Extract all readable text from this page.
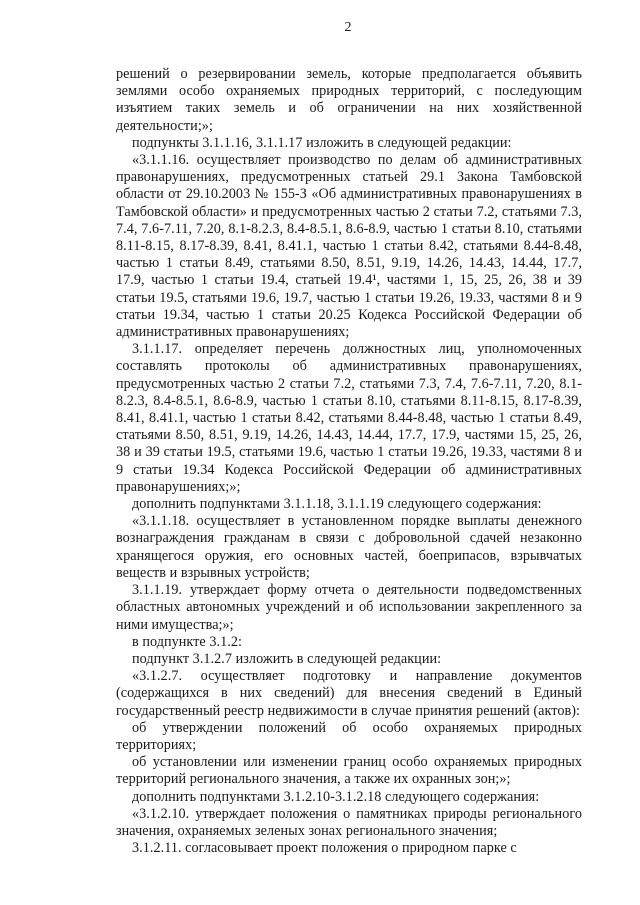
2

решений о резервировании земель, которые предполагается объявить землями особо охраняемых природных территорий, с последующим изъятием таких земель и об ограничении на них хозяйственной деятельности;»;

подпункты 3.1.1.16, 3.1.1.17 изложить в следующей редакции:

«3.1.1.16. осуществляет производство по делам об административных правонарушениях, предусмотренных статьей 29.1 Закона Тамбовской области от 29.10.2003 № 155-З «Об административных правонарушениях в Тамбовской области» и предусмотренных частью 2 статьи 7.2, статьями 7.3, 7.4, 7.6-7.11, 7.20, 8.1-8.2.3, 8.4-8.5.1, 8.6-8.9, частью 1 статьи 8.10, статьями 8.11-8.15, 8.17-8.39, 8.41, 8.41.1, частью 1 статьи 8.42, статьями 8.44-8.48, частью 1 статьи 8.49, статьями 8.50, 8.51, 9.19, 14.26, 14.43, 14.44, 17.7, 17.9, частью 1 статьи 19.4, статьей 19.4¹, частями 1, 15, 25, 26, 38 и 39 статьи 19.5, статьями 19.6, 19.7, частью 1 статьи 19.26, 19.33, частями 8 и 9 статьи 19.34, частью 1 статьи 20.25 Кодекса Российской Федерации об административных правонарушениях;

3.1.1.17. определяет перечень должностных лиц, уполномоченных составлять протоколы об административных правонарушениях, предусмотренных частью 2 статьи 7.2, статьями 7.3, 7.4, 7.6-7.11, 7.20, 8.1-8.2.3, 8.4-8.5.1, 8.6-8.9, частью 1 статьи 8.10, статьями 8.11-8.15, 8.17-8.39, 8.41, 8.41.1, частью 1 статьи 8.42, статьями 8.44-8.48, частью 1 статьи 8.49, статьями 8.50, 8.51, 9.19, 14.26, 14.43, 14.44, 17.7, 17.9, частями 15, 25, 26, 38 и 39 статьи 19.5, статьями 19.6, частью 1 статьи 19.26, 19.33, частями 8 и 9 статьи 19.34 Кодекса Российской Федерации об административных правонарушениях;»;

дополнить подпунктами 3.1.1.18, 3.1.1.19 следующего содержания:

«3.1.1.18. осуществляет в установленном порядке выплаты денежного вознаграждения гражданам в связи с добровольной сдачей незаконно хранящегося оружия, его основных частей, боеприпасов, взрывчатых веществ и взрывных устройств;

3.1.1.19. утверждает форму отчета о деятельности подведомственных областных автономных учреждений и об использовании закрепленного за ними имущества;»;

в подпункте 3.1.2:

подпункт 3.1.2.7 изложить в следующей редакции:

«3.1.2.7. осуществляет подготовку и направление документов (содержащихся в них сведений) для внесения сведений в Единый государственный реестр недвижимости в случае принятия решений (актов):

об утверждении положений об особо охраняемых природных территориях;

об установлении или изменении границ особо охраняемых природных территорий регионального значения, а также их охранных зон;»;

дополнить подпунктами 3.1.2.10-3.1.2.18 следующего содержания:

«3.1.2.10. утверждает положения о памятниках природы регионального значения, охраняемых зеленых зонах регионального значения;

3.1.2.11. согласовывает проект положения о природном парке с
